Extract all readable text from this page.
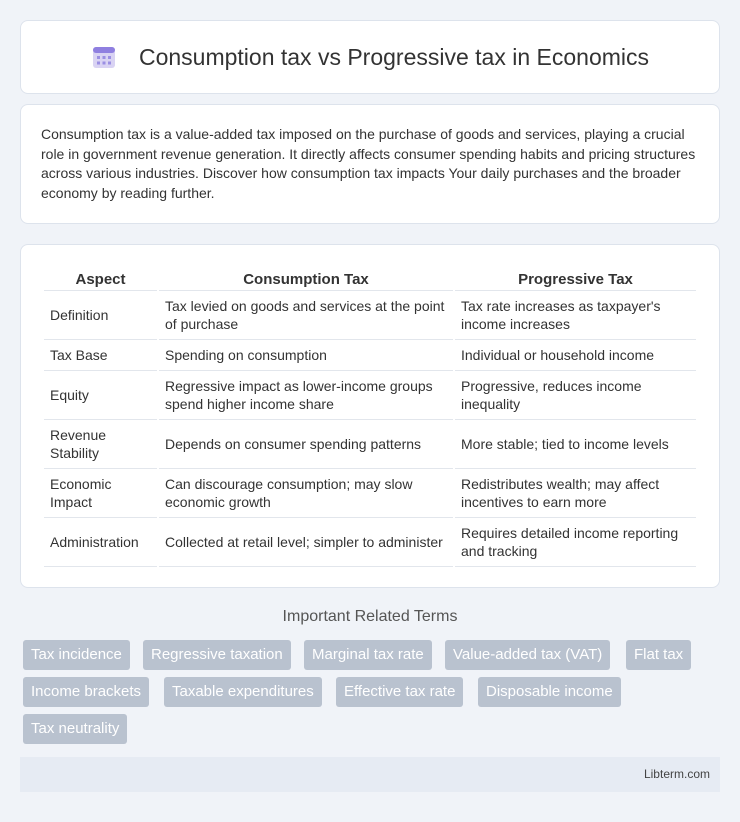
Consumption tax vs Progressive tax in Economics

Consumption tax is a value-added tax imposed on the purchase of goods and services, playing a crucial role in government revenue generation. It directly affects consumer spending habits and pricing structures across various industries. Discover how consumption tax impacts Your daily purchases and the broader economy by reading further.

Aspect	Consumption Tax	Progressive Tax
Definition	Tax levied on goods and services at the point of purchase	Tax rate increases as taxpayer's income increases
Tax Base	Spending on consumption	Individual or household income
Equity	Regressive impact as lower-income groups spend higher income share	Progressive, reduces income inequality
Revenue Stability	Depends on consumer spending patterns	More stable; tied to income levels
Economic Impact	Can discourage consumption; may slow economic growth	Redistributes wealth; may affect incentives to earn more
Administration	Collected at retail level; simpler to administer	Requires detailed income reporting and tracking
Important Related Terms
Tax incidence	Regressive taxation	Marginal tax rate	Value-added tax (VAT)	Flat tax
Income brackets	Taxable expenditures	Effective tax rate	Disposable income
Tax neutrality
Libterm.com
